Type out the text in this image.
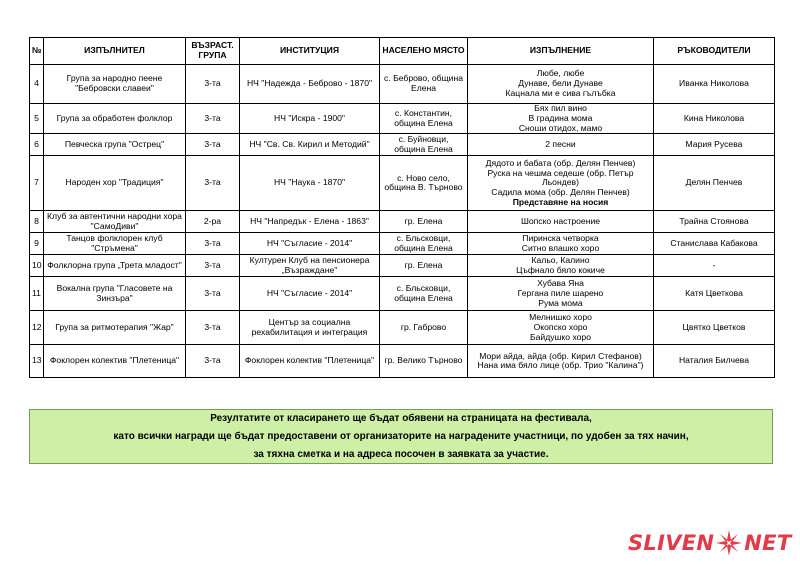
№	ИЗПЪЛНИТЕЛ	ВЪЗРАСТ. ГРУПА	ИНСТИТУЦИЯ	НАСЕЛЕНО МЯСТО	ИЗПЪЛНЕНИЕ	РЪКОВОДИТЕЛИ
4	Група за народно пеене "Бебровски славеи"	3-та	НЧ "Надежда - Беброво - 1870"	с. Беброво, община Елена	Любе, любе
Дунаве, бели Дунаве
Кацнала ми е сива гълъбка	Иванка Николова
5	Група за обработен фолклор	3-та	НЧ "Искра - 1900"	с. Константин, община Елена	Бях пил вино
В градина мома
Сноши отидох, мамо	Кина Николова
6	Певческа група "Острец"	3-та	НЧ "Св. Св. Кирил и Методий"	с. Буйновци, община Елена	2 песни	Мария Русева
7	Народен хор "Традиция"	3-та	НЧ "Наука - 1870"	с. Ново село, община В. Търново	Дядото и бабата (обр. Делян Пенчев)
Руска на чешма седеше (обр. Петър Льондев)
Садила мома (обр. Делян Пенчев)
Представяне на носия	Делян Пенчев
8	Клуб за автентични народни хора "СамоДиви"	2-ра	НЧ "Напредък - Елена - 1863"	гр. Елена	Шопско настроение	Трайна Стоянова
9	Танцов фолклорен клуб "Стръмена"	3-та	НЧ "Съгласие - 2014"	с. Бльсковци, община Елена	Пиринска четворка
Ситно влашко хоро	Станислава Кабакова
10	Фолклорна група „Трета младост"	3-та	Културен Клуб на пенсионера „Възраждане"	гр. Елена	Кальо, Калино
Цъфнало бяло кокиче	-
11	Вокална група "Гласовете на Зинзъра"	3-та	НЧ "Съгласие - 2014"	с. Бльсковци, община Елена	Хубава Яна
Гергана пиле шарено
Рума мома	Катя Цветкова
12	Група за ритмотерапия "Жар"	3-та	Център за социална рехабилитация и интеграция	гр. Габрово	Мелнишко хоро
Окопско хоро
Байдушко хоро	Цвятко Цветков
13	Фоклорен колектив "Плетеница"	3-та	Фоклорен колектив "Плетеница"	гр. Велико Търново	Мори айда, айда (обр. Кирил Стефанов)
Нана има бяло лице (обр. Трио "Калина")	Наталия Билчева
Резултатите от класирането ще бъдат обявени на страницата на фестивала,
като всички награди ще бъдат предоставени от организаторите на наградените участници, по удобен за тях начин,
за тяхна сметка и на адреса посочен в заявката за участие.
SLIVEN NET
